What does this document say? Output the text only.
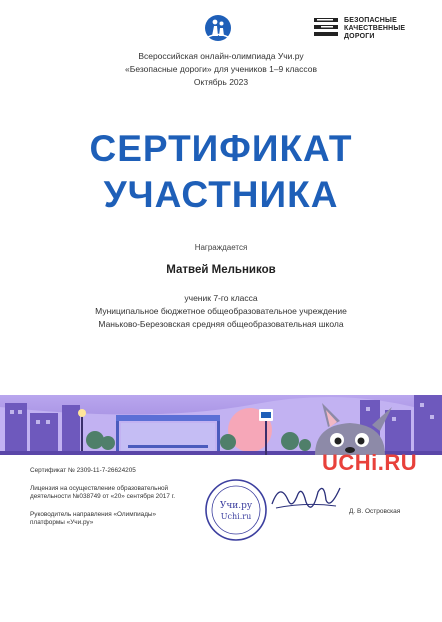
БЕЗОПАСНЫЕ
КАЧЕСТВЕННЫЕ ДОРОГИ
Всероссийская онлайн-олимпиада Учи.ру
«Безопасные дороги» для учеников 1–9 классов
Октябрь 2023
СЕРТИФИКАТ
УЧАСТНИКА
Награждается
Матвей Мельников
ученик 7-го класса
Муниципальное бюджетное общеобразовательное учреждение
Маньково-Березовская средняя общеобразовательная школа
Сертификат № 2309-11-7-26624205
Лицензия на осуществление образовательной
деятельности №038749 от «20» сентября 2017 г.
Руководитель направления «Олимпиады»
платформы «Учи.ру»
Учи.ру
Uchi.ru
UCHi.RU
Д. В. Островская
